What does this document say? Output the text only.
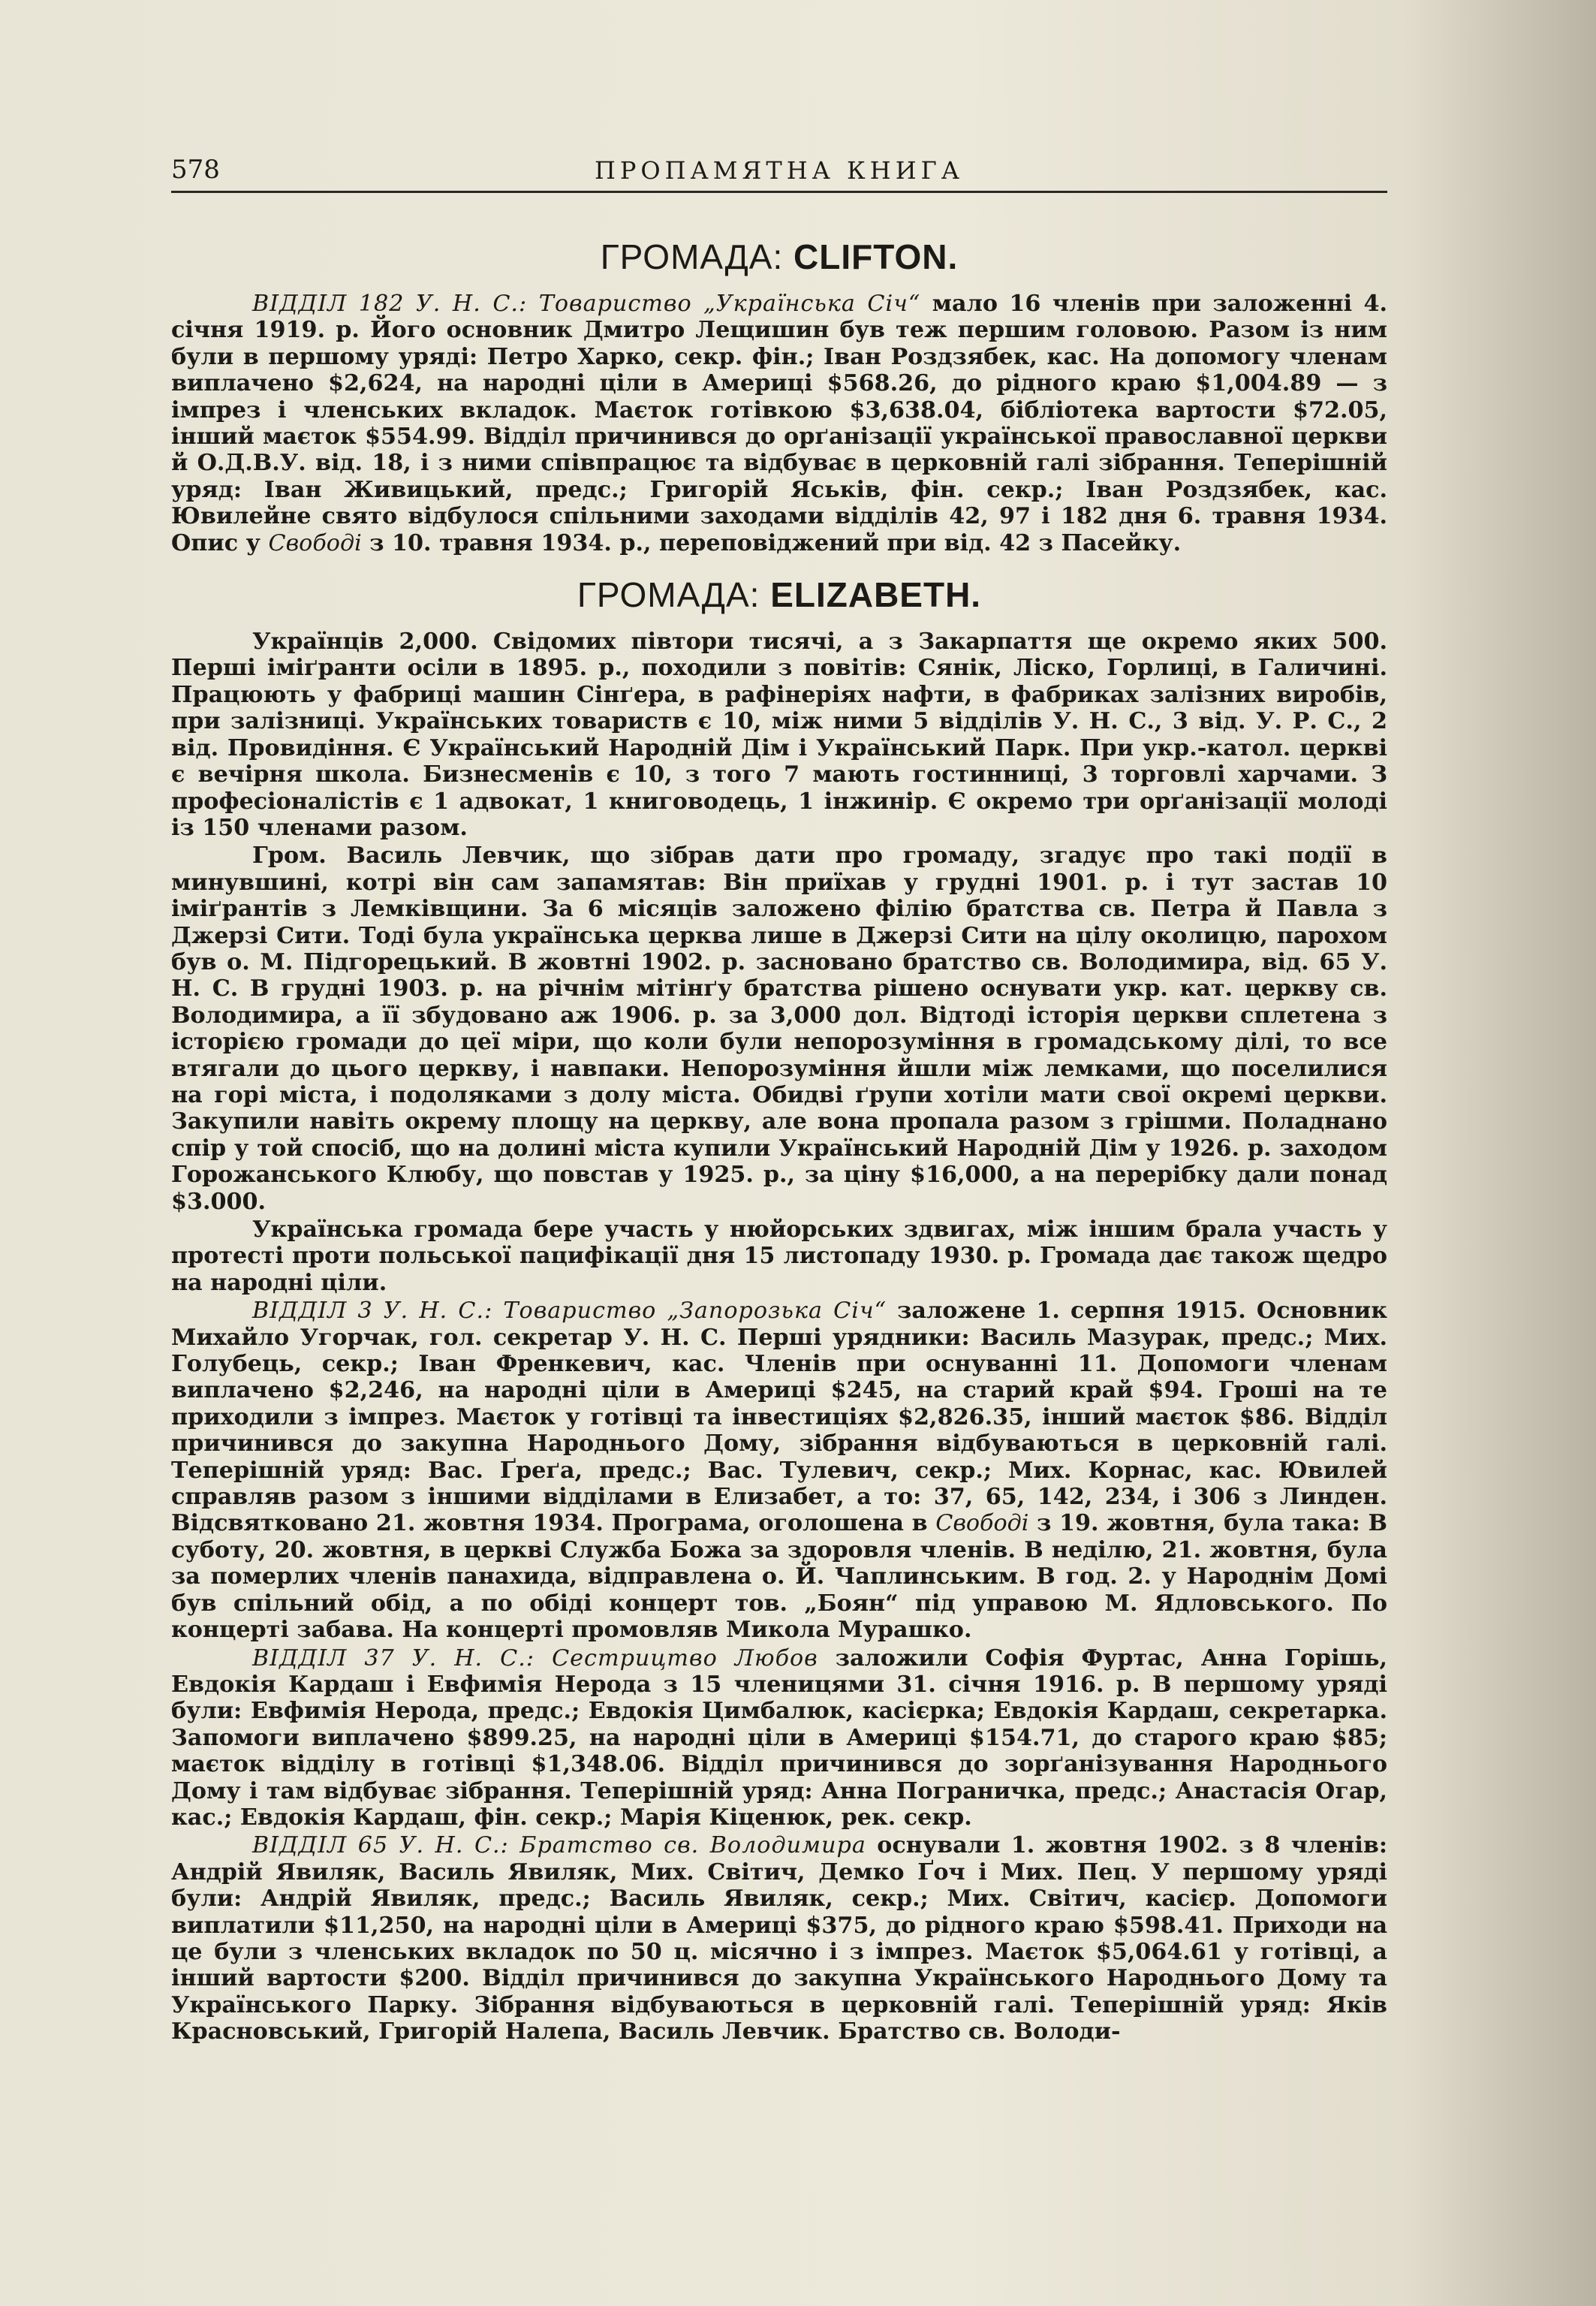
578	ПРОПАМЯТНА КНИГА
ГРОМАДА: CLIFTON.

ВІДДІЛ 182 У. Н. С.: Товариство „Українська Січ“ мало 16 членів при заложенні 4. січня 1919. р. Його основник Дмитро Лещишин був теж першим головою. Разом із ним були в першому уряді: Петро Харко, секр. фін.; Іван Роздзябек, кас. На допомогу членам виплачено $2,624, на народні ціли в Америці $568.26, до рідного краю $1,004.89 — з імпрез і членських вкладок. Маєток готівкою $3,638.04, бібліотека вартости $72.05, інший маєток $554.99. Відділ причинився до орґанізації української православної церкви й О.Д.В.У. від. 18, і з ними співпрацює та відбуває в церковній галі зібрання. Теперішній уряд: Іван Живицький, предс.; Григорій Яськів, фін. секр.; Іван Роздзябек, кас. Ювилейне свято відбулося спільними заходами відділів 42, 97 і 182 дня 6. травня 1934. Опис у Свободі з 10. травня 1934. р., переповіджений при від. 42 з Пасейку.

ГРОМАДА: ELIZABETH.

Українців 2,000. Свідомих півтори тисячі, а з Закарпаття ще окремо яких 500. Перші іміґранти осіли в 1895. р., походили з повітів: Сянік, Ліско, Горлиці, в Галичині. Працюють у фабриці машин Сінґера, в рафінеріях нафти, в фабриках залізних виробів, при залізниці. Українських товариств є 10, між ними 5 відділів У. Н. С., 3 від. У. Р. С., 2 від. Провидіння. Є Український Народній Дім і Український Парк. При укр.-катол. церкві є вечірня школа. Бизнесменів є 10, з того 7 мають гостинниці, 3 торговлі харчами. З професіоналістів є 1 адвокат, 1 книговодець, 1 інжинір. Є окремо три орґанізації молоді із 150 членами разом.

Гром. Василь Левчик, що зібрав дати про громаду, згадує про такі події в минувшині, котрі він сам запамятав: Він приїхав у грудні 1901. р. і тут застав 10 іміґрантів з Лемківщини. За 6 місяців заложено філію братства св. Петра й Павла з Джерзі Сити. Тоді була українська церква лише в Джерзі Сити на цілу околицю, парохом був о. М. Підгорецький. В жовтні 1902. р. засновано братство св. Володимира, від. 65 У. Н. С. В грудні 1903. р. на річнім мітінґу братства рішено оснувати укр. кат. церкву св. Володимира, а її збудовано аж 1906. р. за 3,000 дол. Відтоді історія церкви сплетена з історією громади до цеї міри, що коли були непорозуміння в громадському ділі, то все втягали до цього церкву, і навпаки. Непорозуміння йшли між лемками, що поселилися на горі міста, і подоляками з долу міста. Обидві ґрупи хотіли мати свої окремі церкви. Закупили навіть окрему площу на церкву, але вона пропала разом з грішми. Поладнано спір у той спосіб, що на долині міста купили Український Народній Дім у 1926. р. заходом Горожанського Клюбу, що повстав у 1925. р., за ціну $16,000, а на перерібку дали понад $3.000.

Українська громада бере участь у нюйорських здвигах, між іншим брала участь у протесті проти польської пацифікації дня 15 листопаду 1930. р. Громада дає також щедро на народні ціли.

ВІДДІЛ 3 У. Н. С.: Товариство „Запорозька Січ“ заложене 1. серпня 1915. Основник Михайло Угорчак, гол. секретар У. Н. С. Перші урядники: Василь Мазурак, предс.; Мих. Голубець, секр.; Іван Френкевич, кас. Членів при оснуванні 11. Допомоги членам виплачено $2,246, на народні ціли в Америці $245, на старий край $94. Гроші на те приходили з імпрез. Маєток у готівці та інвестиціях $2,826.35, інший маєток $86. Відділ причинився до закупна Народнього Дому, зібрання відбуваються в церковній галі. Теперішній уряд: Вас. Ґреґа, предс.; Вас. Тулевич, секр.; Мих. Корнас, кас. Ювилей справляв разом з іншими відділами в Елизабет, а то: 37, 65, 142, 234, і 306 з Линден. Відсвятковано 21. жовтня 1934. Програма, оголошена в Свободі з 19. жовтня, була така: В суботу, 20. жовтня, в церкві Служба Божа за здоровля членів. В неділю, 21. жовтня, була за померлих членів панахида, відправлена о. Й. Чаплинським. В год. 2. у Народнім Домі був спільний обід, а по обіді концерт тов. „Боян“ під управою М. Ядловського. По концерті забава. На концерті промовляв Микола Мурашко.

ВІДДІЛ 37 У. Н. С.: Сестрицтво Любов заложили Софія Фуртас, Анна Горішь, Евдокія Кардаш і Евфимія Нерода з 15 членицями 31. січня 1916. р. В першому уряді були: Евфимія Нерода, предс.; Евдокія Цимбалюк, касієрка; Евдокія Кардаш, секретарка. Запомоги виплачено $899.25, на народні ціли в Америці $154.71, до старого краю $85; маєток відділу в готівці $1,348.06. Відділ причинився до зорґанізування Народнього Дому і там відбуває зібрання. Теперішній уряд: Анна Пограничка, предс.; Анастасія Огар, кас.; Евдокія Кардаш, фін. секр.; Марія Кіценюк, рек. секр.

ВІДДІЛ 65 У. Н. С.: Братство св. Володимира оснували 1. жовтня 1902. з 8 членів: Андрій Явиляк, Василь Явиляк, Мих. Світич, Демко Ґоч і Мих. Пец. У першому уряді були: Андрій Явиляк, предс.; Василь Явиляк, секр.; Мих. Світич, касієр. Допомоги виплатили $11,250, на народні ціли в Америці $375, до рідного краю $598.41. Приходи на це були з членських вкладок по 50 ц. місячно і з імпрез. Маєток $5,064.61 у готівці, а інший вартости $200. Відділ причинився до закупна Українського Народнього Дому та Українського Парку. Зібрання відбуваються в церковній галі. Теперішній уряд: Яків Красновський, Григорій Налепа, Василь Левчик. Братство св. Володи-
